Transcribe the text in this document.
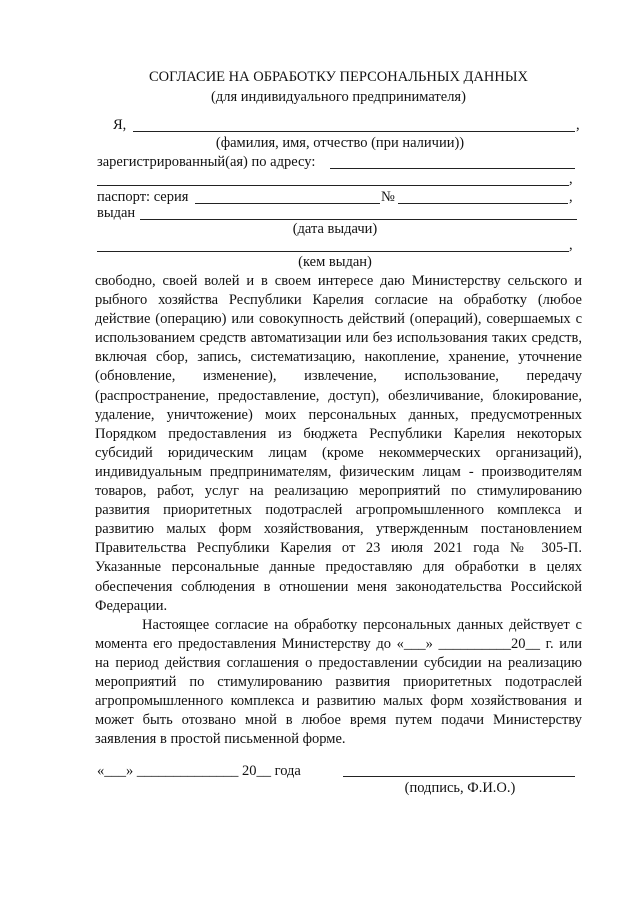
СОГЛАСИЕ НА ОБРАБОТКУ ПЕРСОНАЛЬНЫХ ДАННЫХ
(для индивидуального предпринимателя)
Я,	,
(фамилия, имя, отчество (при наличии))
зарегистрированный(ая) по адресу:
,
паспорт: серия	№	,
выдан
(дата выдачи)
,
(кем выдан)

свободно, своей волей и в своем интересе даю Министерству сельского и рыбного хозяйства Республики Карелия согласие на обработку (любое действие (операцию) или совокупность действий (операций), совершаемых с использованием средств автоматизации или без использования таких средств, включая сбор, запись, систематизацию, накопление, хранение, уточнение (обновление, изменение), извлечение, использование, передачу (распространение, предоставление, доступ), обезличивание, блокирование, удаление, уничтожение) моих персональных данных, предусмотренных Порядком предоставления из бюджета Республики Карелия некоторых субсидий юридическим лицам (кроме некоммерческих организаций), индивидуальным предпринимателям, физическим лицам - производителям товаров, работ, услуг на реализацию мероприятий по стимулированию развития приоритетных подотраслей агропромышленного комплекса и развитию малых форм хозяйствования, утвержденным постановлением Правительства Республики Карелия от 23 июля 2021 года № 305-П. Указанные персональные данные предоставляю для обработки в целях обеспечения соблюдения в отношении меня законодательства Российской Федерации.

Настоящее согласие на обработку персональных данных действует с момента его предоставления Министерству до «___» __________20__ г. или на период действия соглашения о предоставлении субсидии на реализацию мероприятий по стимулированию развития приоритетных подотраслей агропромышленного комплекса и развитию малых форм хозяйствования и может быть отозвано мной в любое время путем подачи Министерству заявления в простой письменной форме.

«___» ______________ 20__ года
(подпись, Ф.И.О.)
